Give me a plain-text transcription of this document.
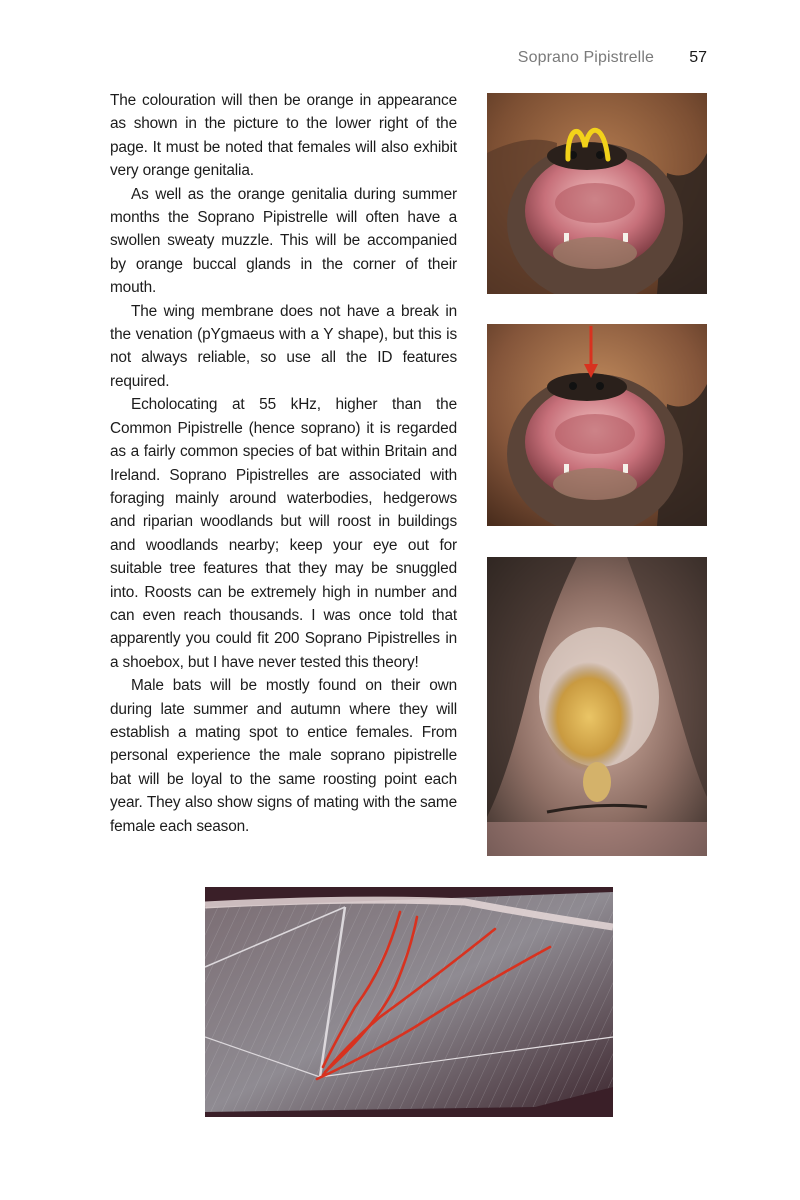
Soprano Pipistrelle 57

The colouration will then be orange in appearance as shown in the picture to the lower right of the page. It must be noted that females will also exhibit very orange genitalia.

As well as the orange genitalia during summer months the Soprano Pipistrelle will often have a swollen sweaty muzzle. This will be accompanied by orange buccal glands in the corner of their mouth.

The wing membrane does not have a break in the venation (pYgmaeus with a Y shape), but this is not always reliable, so use all the ID features required.

Echolocating at 55 kHz, higher than the Common Pipistrelle (hence soprano) it is regarded as a fairly common species of bat within Britain and Ireland. Soprano Pipistrelles are associated with foraging mainly around waterbodies, hedgerows and riparian woodlands but will roost in buildings and woodlands nearby; keep your eye out for suitable tree features that they may be snuggled into. Roosts can be extremely high in number and can even reach thousands. I was once told that apparently you could fit 200 Soprano Pipistrelles in a shoebox, but I have never tested this theory!

Male bats will be mostly found on their own during late summer and autumn where they will establish a mating spot to entice females. From personal experience the male soprano pipistrelle bat will be loyal to the same roosting point each year. They also show signs of mating with the same female each season.
